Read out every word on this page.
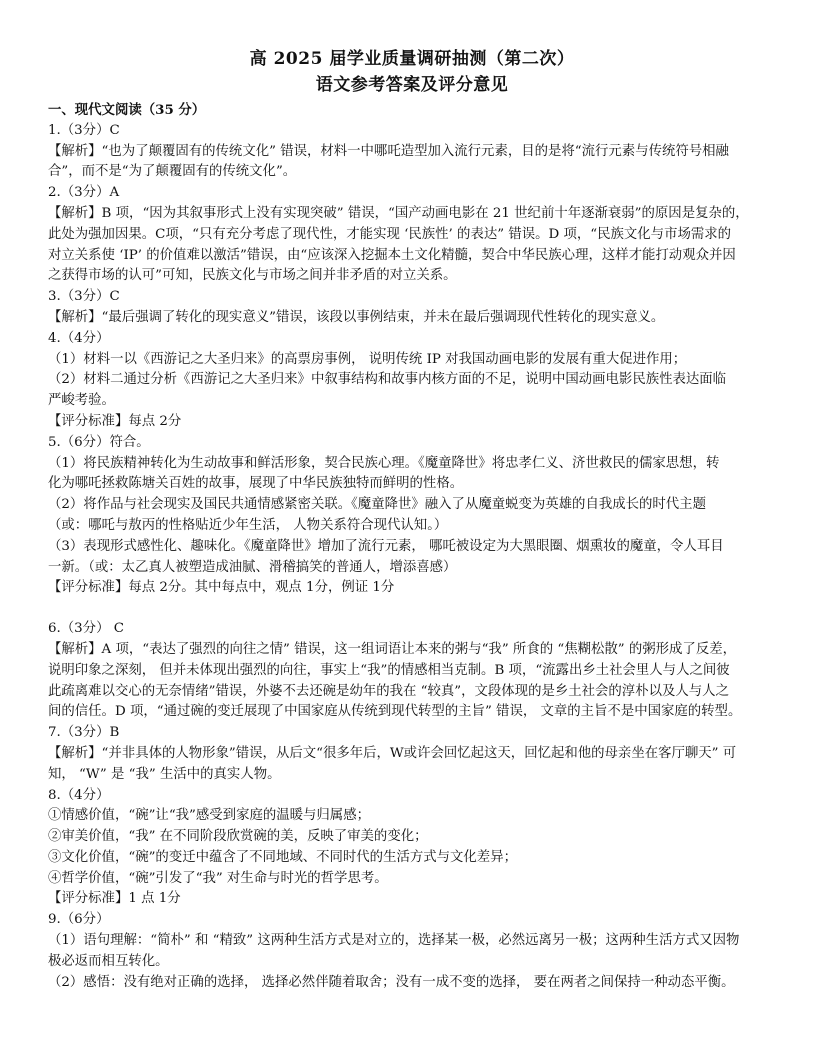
高 2025 届学业质量调研抽测（第二次）
语文参考答案及评分意见
一、现代文阅读（35 分）
1.（3分）C
【解析】“也为了颠覆固有的传统文化” 错误，材料一中哪吒造型加入流行元素，目的是将“流行元素与传统符号相融
合”，而不是“为了颠覆固有的传统文化”。
2.（3分）A
【解析】B 项，“因为其叙事形式上没有实现突破” 错误，“国产动画电影在 21 世纪前十年逐渐衰弱”的原因是复杂的，
此处为强加因果。C项，“只有充分考虑了现代性，才能实现 ‘民族性’ 的表达” 错误。D 项，“民族文化与市场需求的
对立关系使 ‘IP’ 的价值难以激活”错误，由“应该深入挖掘本土文化精髓，契合中华民族心理，这样才能打动观众并因
之获得市场的认可”可知，民族文化与市场之间并非矛盾的对立关系。
3.（3分）C
【解析】“最后强调了转化的现实意义”错误，该段以事例结束，并未在最后强调现代性转化的现实意义。
4.（4分）
（1）材料一以《西游记之大圣归来》的高票房事例， 说明传统 IP 对我国动画电影的发展有重大促进作用；
（2）材料二通过分析《西游记之大圣归来》中叙事结构和故事内核方面的不足，说明中国动画电影民族性表达面临
严峻考验。
【评分标准】每点 2分
5.（6分）符合。
（1）将民族精神转化为生动故事和鲜活形象，契合民族心理。《魔童降世》将忠孝仁义、济世救民的儒家思想，转
化为哪吒拯救陈塘关百姓的故事，展现了中华民族独特而鲜明的性格。
（2）将作品与社会现实及国民共通情感紧密关联。《魔童降世》融入了从魔童蜕变为英雄的自我成长的时代主题
（或：哪吒与敖丙的性格贴近少年生活， 人物关系符合现代认知。）
（3）表现形式感性化、趣味化。《魔童降世》增加了流行元素， 哪吒被设定为大黑眼圈、烟熏妆的魔童，令人耳目
一新。（或：太乙真人被塑造成油腻、滑稽搞笑的普通人，增添喜感）
【评分标准】每点 2分。其中每点中，观点 1分，例证 1分
6.（3分） C
【解析】A 项，“表达了强烈的向往之情” 错误，这一组词语让本来的粥与“我” 所食的 “焦糊松散” 的粥形成了反差，
说明印象之深刻， 但并未体现出强烈的向往，事实上“我”的情感相当克制。B 项，“流露出乡土社会里人与人之间彼
此疏离难以交心的无奈情绪”错误，外婆不去还碗是幼年的我在 “较真”，文段体现的是乡土社会的淳朴以及人与人之
间的信任。D 项，“通过碗的变迁展现了中国家庭从传统到现代转型的主旨” 错误， 文章的主旨不是中国家庭的转型。
7.（3分）B
【解析】“并非具体的人物形象”错误，从后文“很多年后，W或许会回忆起这天，回忆起和他的母亲坐在客厅聊天” 可
知， “W” 是 “我” 生活中的真实人物。
8.（4分）
①情感价值，“碗”让“我”感受到家庭的温暖与归属感；
②审美价值，“我” 在不同阶段欣赏碗的美，反映了审美的变化；
③文化价值，“碗”的变迁中蕴含了不同地域、不同时代的生活方式与文化差异；
④哲学价值，“碗”引发了“我” 对生命与时光的哲学思考。
【评分标准】1 点 1分
9.（6分）
（1）语句理解：“简朴” 和 “精致” 这两种生活方式是对立的，选择某一极，必然远离另一极；这两种生活方式又因物
极必返而相互转化。
（2）感悟：没有绝对正确的选择， 选择必然伴随着取舍；没有一成不变的选择， 要在两者之间保持一种动态平衡。
